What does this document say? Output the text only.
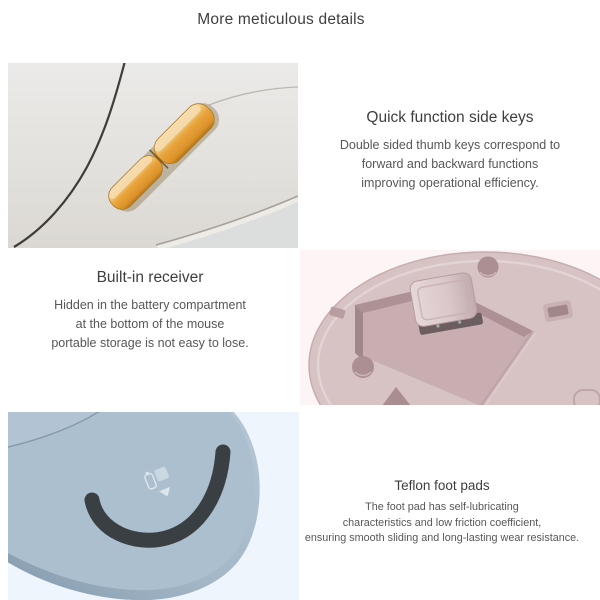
More meticulous details
Quick function side keys

Double sided thumb keys correspond to

forward and backward functions

improving operational efficiency.

Built-in receiver

Hidden in the battery compartment

at the bottom of the mouse

portable storage is not easy to lose.

Teflon foot pads

The foot pad has self-lubricating

characteristics and low friction coefficient,

ensuring smooth sliding and long-lasting wear resistance.
